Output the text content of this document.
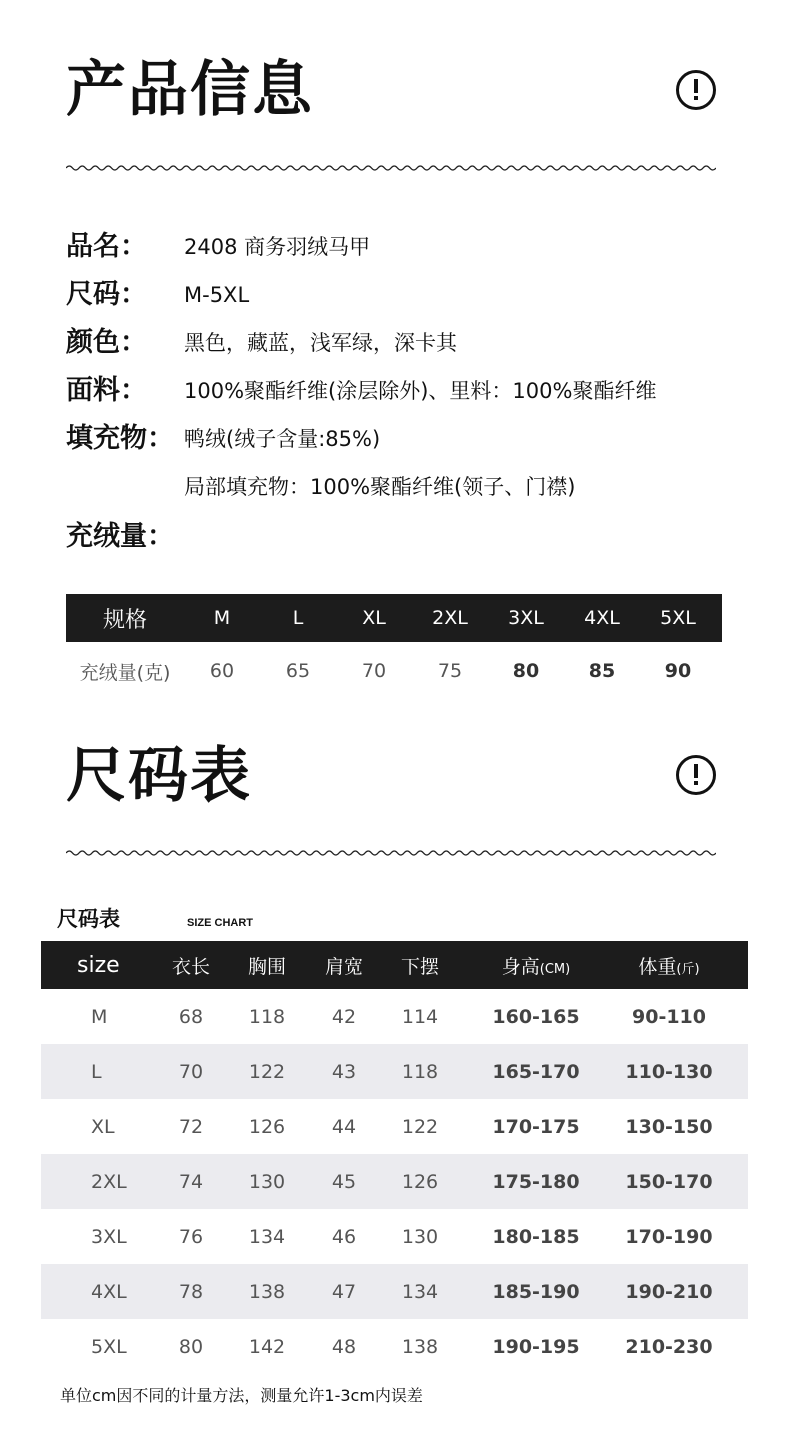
产品信息
品名： 2408 商务羽绒马甲
尺码： M-5XL
颜色： 黑色，藏蓝，浅军绿，深卡其
面料： 100%聚酯纤维(涂层除外)、里料：100%聚酯纤维
填充物： 鸭绒(绒子含量:85%)
局部填充物：100%聚酯纤维(领子、门襟)
充绒量：
规格	M	L	XL	2XL	3XL	4XL	5XL
充绒量(克)	60	65	70	75	80	85	90
尺码表
尺码表	SIZE CHART
size	衣长	胸围	肩宽	下摆	身高(CM)	体重(斤)
M	68	118	42	114	160-165	90-110
L	70	122	43	118	165-170	110-130
XL	72	126	44	122	170-175	130-150
2XL	74	130	45	126	175-180	150-170
3XL	76	134	46	130	180-185	170-190
4XL	78	138	47	134	185-190	190-210
5XL	80	142	48	138	190-195	210-230
单位cm因不同的计量方法，测量允许1-3cm内误差
